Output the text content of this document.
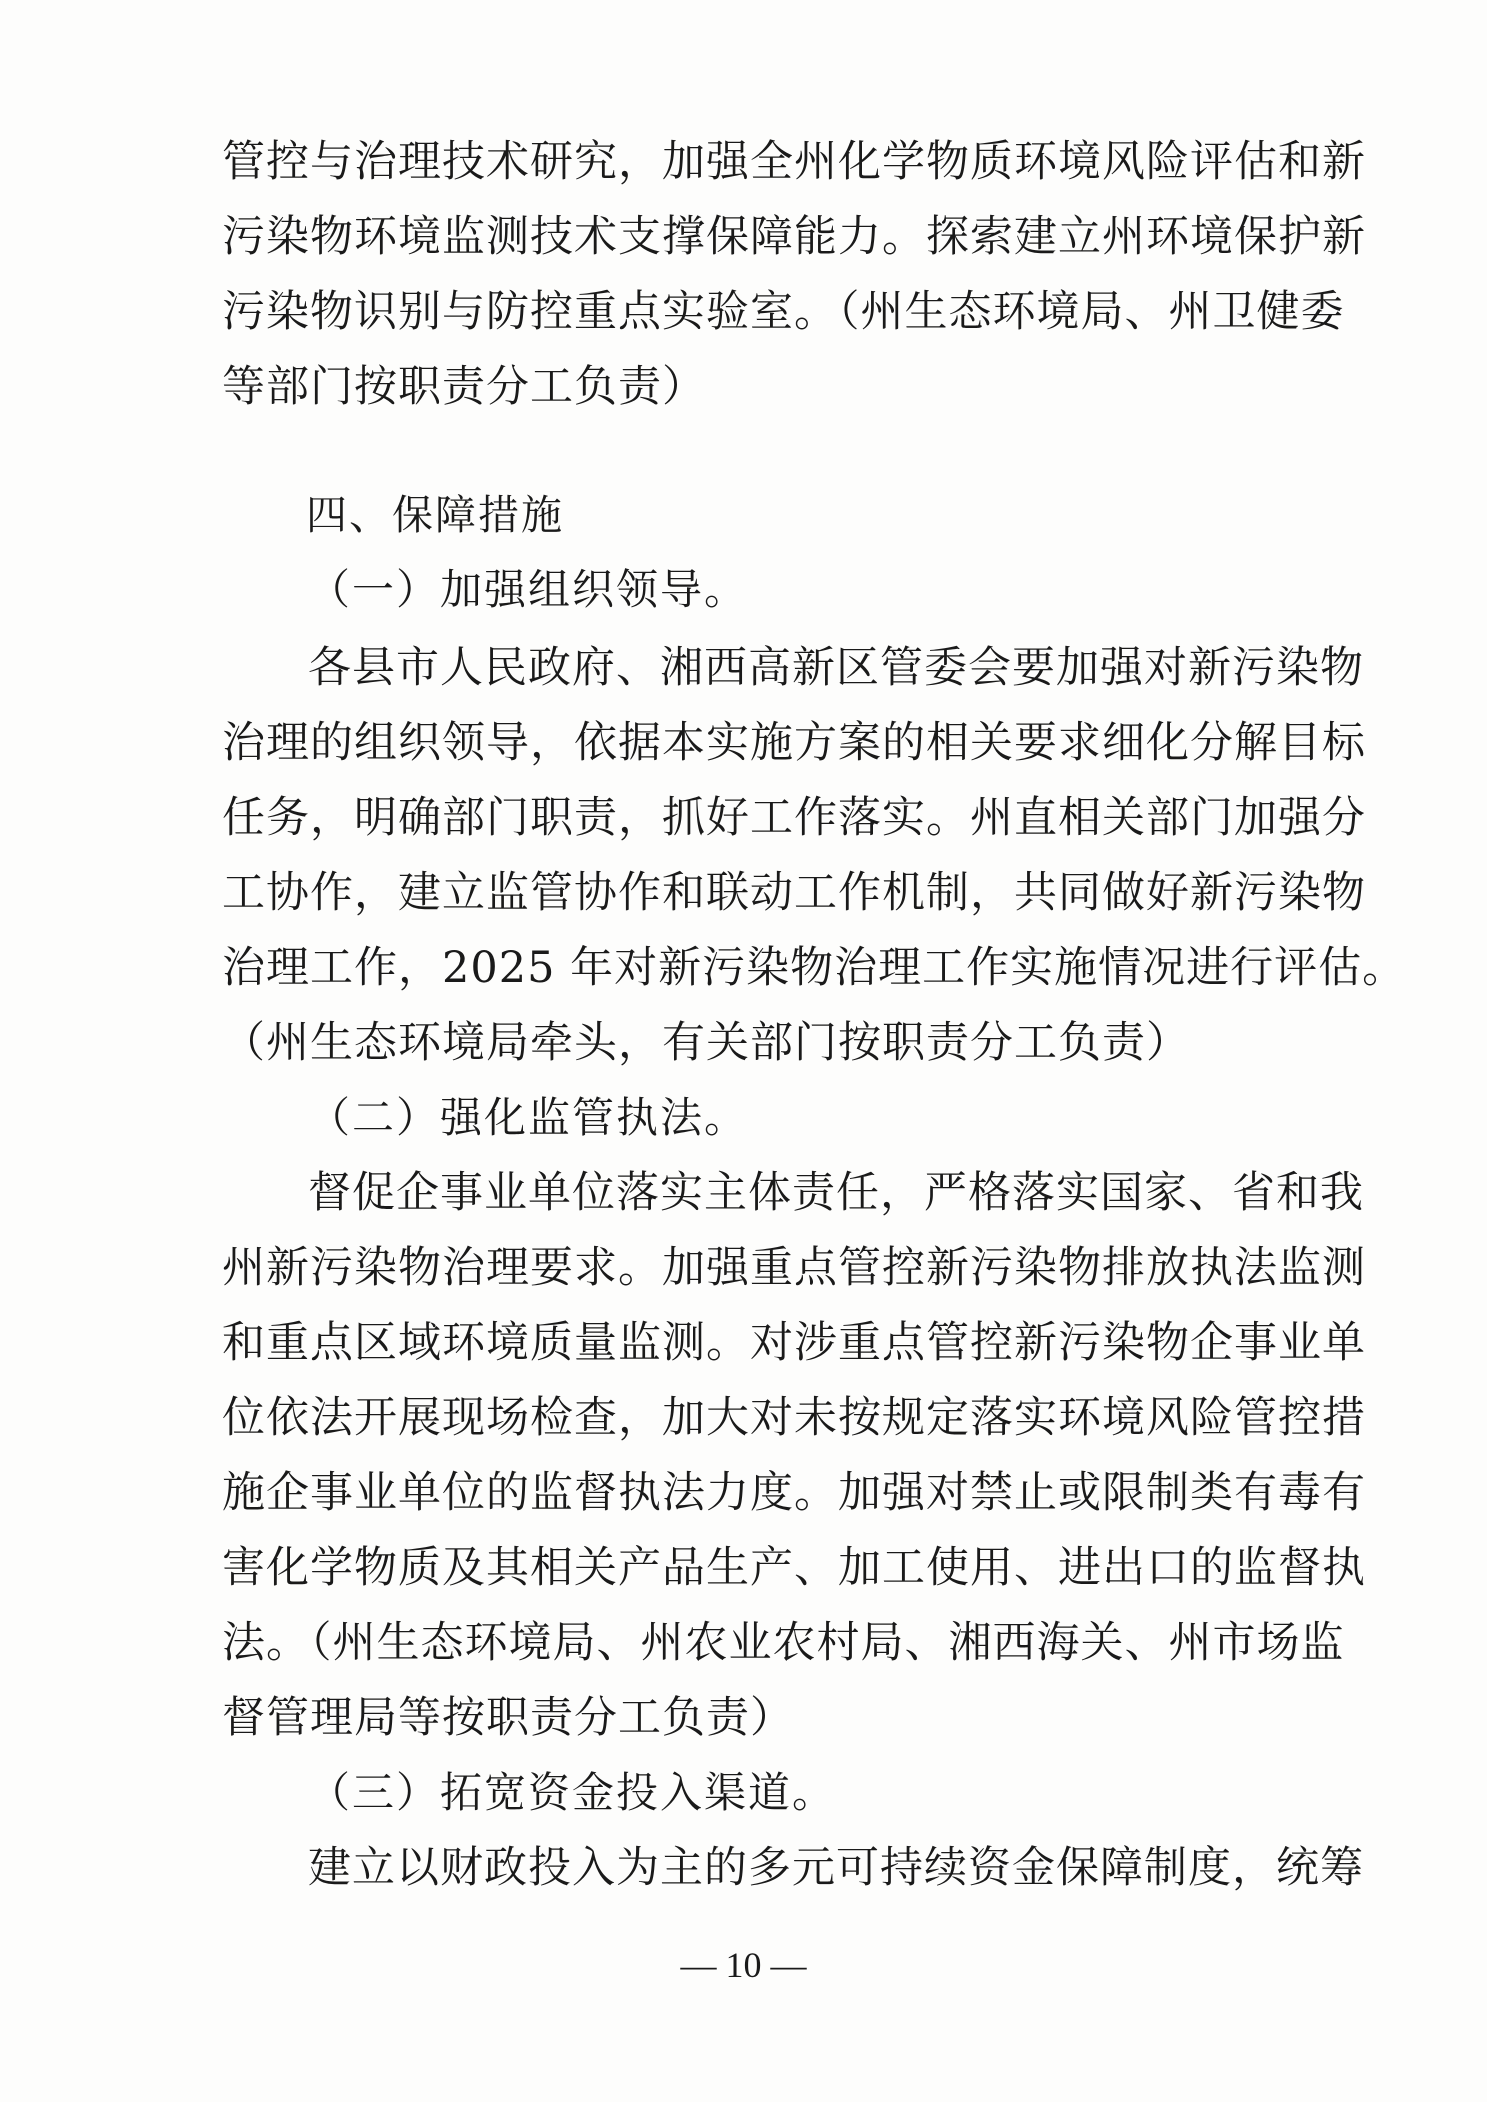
管控与治理技术研究，加强全州化学物质环境风险评估和新
污染物环境监测技术支撑保障能力。探索建立州环境保护新
污染物识别与防控重点实验室。（州生态环境局、州卫健委
等部门按职责分工负责）
四、保障措施
（一）加强组织领导。
各县市人民政府、湘西高新区管委会要加强对新污染物
治理的组织领导，依据本实施方案的相关要求细化分解目标
任务，明确部门职责，抓好工作落实。州直相关部门加强分
工协作，建立监管协作和联动工作机制，共同做好新污染物
治理工作，2025 年对新污染物治理工作实施情况进行评估。
（州生态环境局牵头，有关部门按职责分工负责）
（二）强化监管执法。
督促企事业单位落实主体责任，严格落实国家、省和我
州新污染物治理要求。加强重点管控新污染物排放执法监测
和重点区域环境质量监测。对涉重点管控新污染物企事业单
位依法开展现场检查，加大对未按规定落实环境风险管控措
施企事业单位的监督执法力度。加强对禁止或限制类有毒有
害化学物质及其相关产品生产、加工使用、进出口的监督执
法。（州生态环境局、州农业农村局、湘西海关、州市场监
督管理局等按职责分工负责）
（三）拓宽资金投入渠道。
建立以财政投入为主的多元可持续资金保障制度，统筹
— 10 —
